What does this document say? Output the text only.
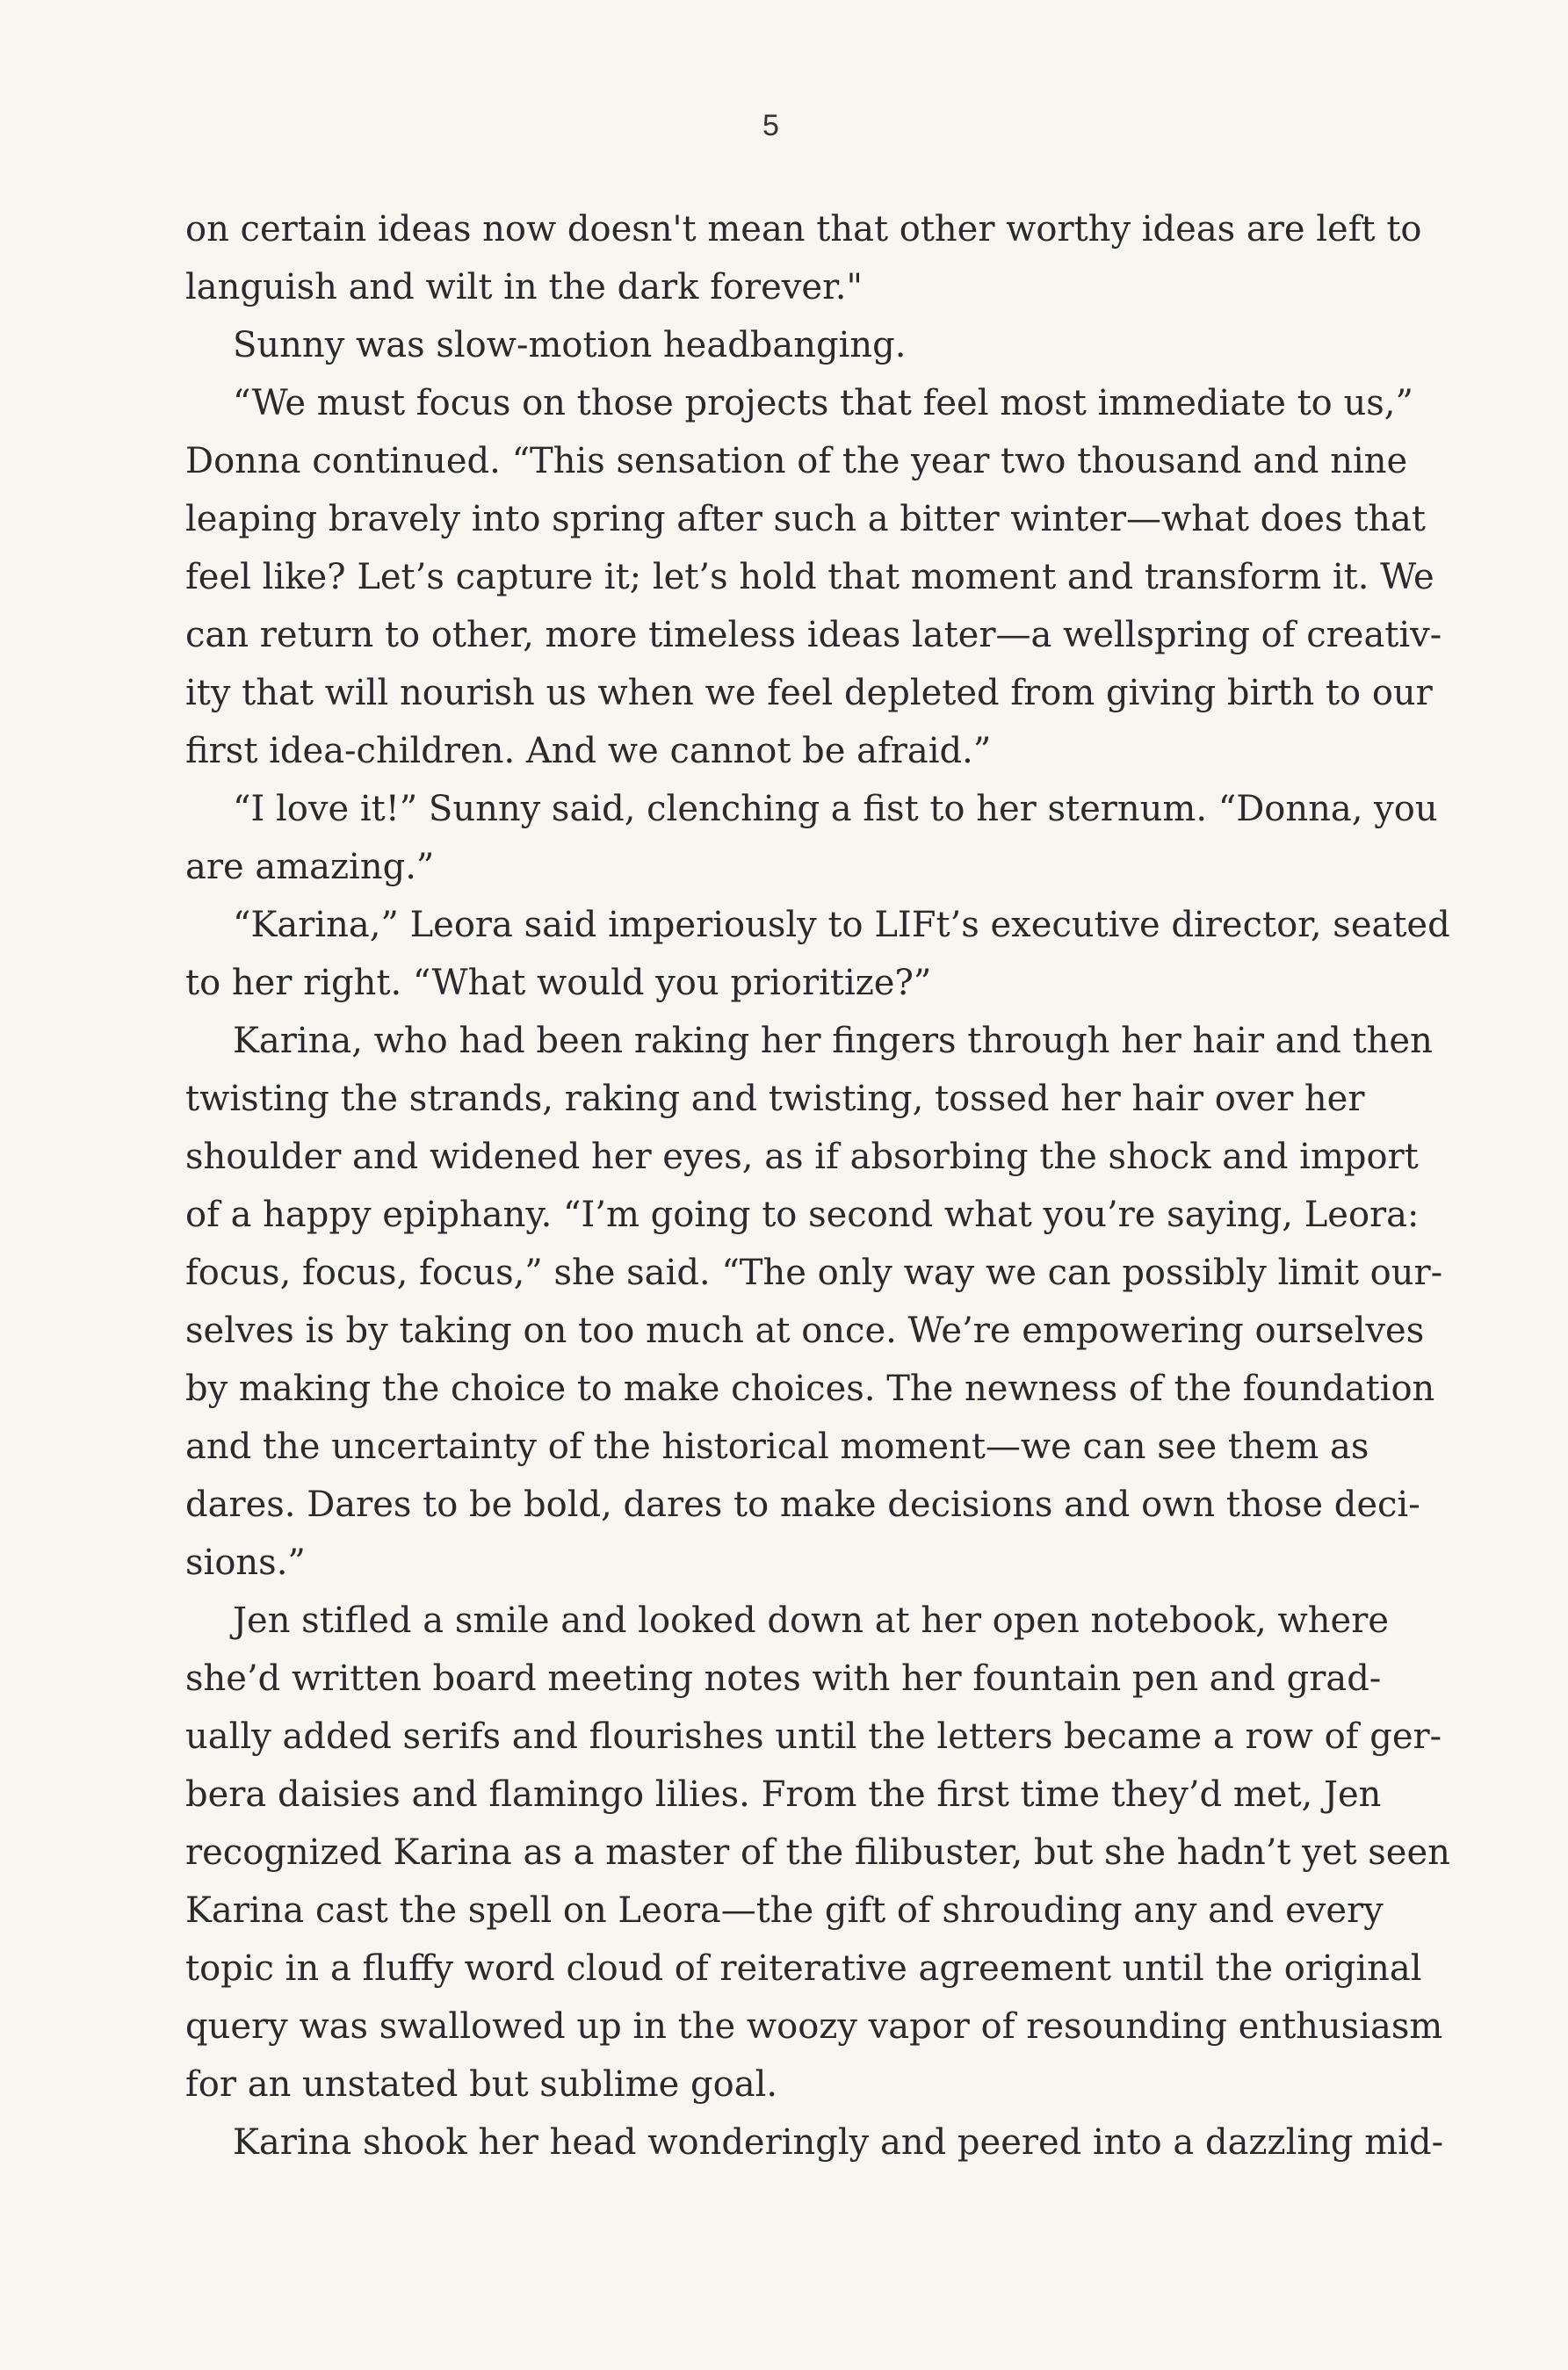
5
on certain ideas now doesn't mean that other worthy ideas are left to
languish and wilt in the dark forever."
Sunny was slow-motion headbanging.
“We must focus on those projects that feel most immediate to us,”
Donna continued. “This sensation of the year two thousand and nine
leaping bravely into spring after such a bitter winter—what does that
feel like? Let’s capture it; let’s hold that moment and transform it. We
can return to other, more timeless ideas later—a wellspring of creativ-
ity that will nourish us when we feel depleted from giving birth to our
first idea-children. And we cannot be afraid.”
“I love it!” Sunny said, clenching a fist to her sternum. “Donna, you
are amazing.”
“Karina,” Leora said imperiously to LIFt’s executive director, seated
to her right. “What would you prioritize?”
Karina, who had been raking her fingers through her hair and then
twisting the strands, raking and twisting, tossed her hair over her
shoulder and widened her eyes, as if absorbing the shock and import
of a happy epiphany. “I’m going to second what you’re saying, Leora:
focus, focus, focus,” she said. “The only way we can possibly limit our-
selves is by taking on too much at once. We’re empowering ourselves
by making the choice to make choices. The newness of the foundation
and the uncertainty of the historical moment—we can see them as
dares. Dares to be bold, dares to make decisions and own those deci-
sions.”
Jen stifled a smile and looked down at her open notebook, where
she’d written board meeting notes with her fountain pen and grad-
ually added serifs and flourishes until the letters became a row of ger-
bera daisies and flamingo lilies. From the first time they’d met, Jen
recognized Karina as a master of the filibuster, but she hadn’t yet seen
Karina cast the spell on Leora—the gift of shrouding any and every
topic in a fluffy word cloud of reiterative agreement until the original
query was swallowed up in the woozy vapor of resounding enthusiasm
for an unstated but sublime goal.
Karina shook her head wonderingly and peered into a dazzling mid-
